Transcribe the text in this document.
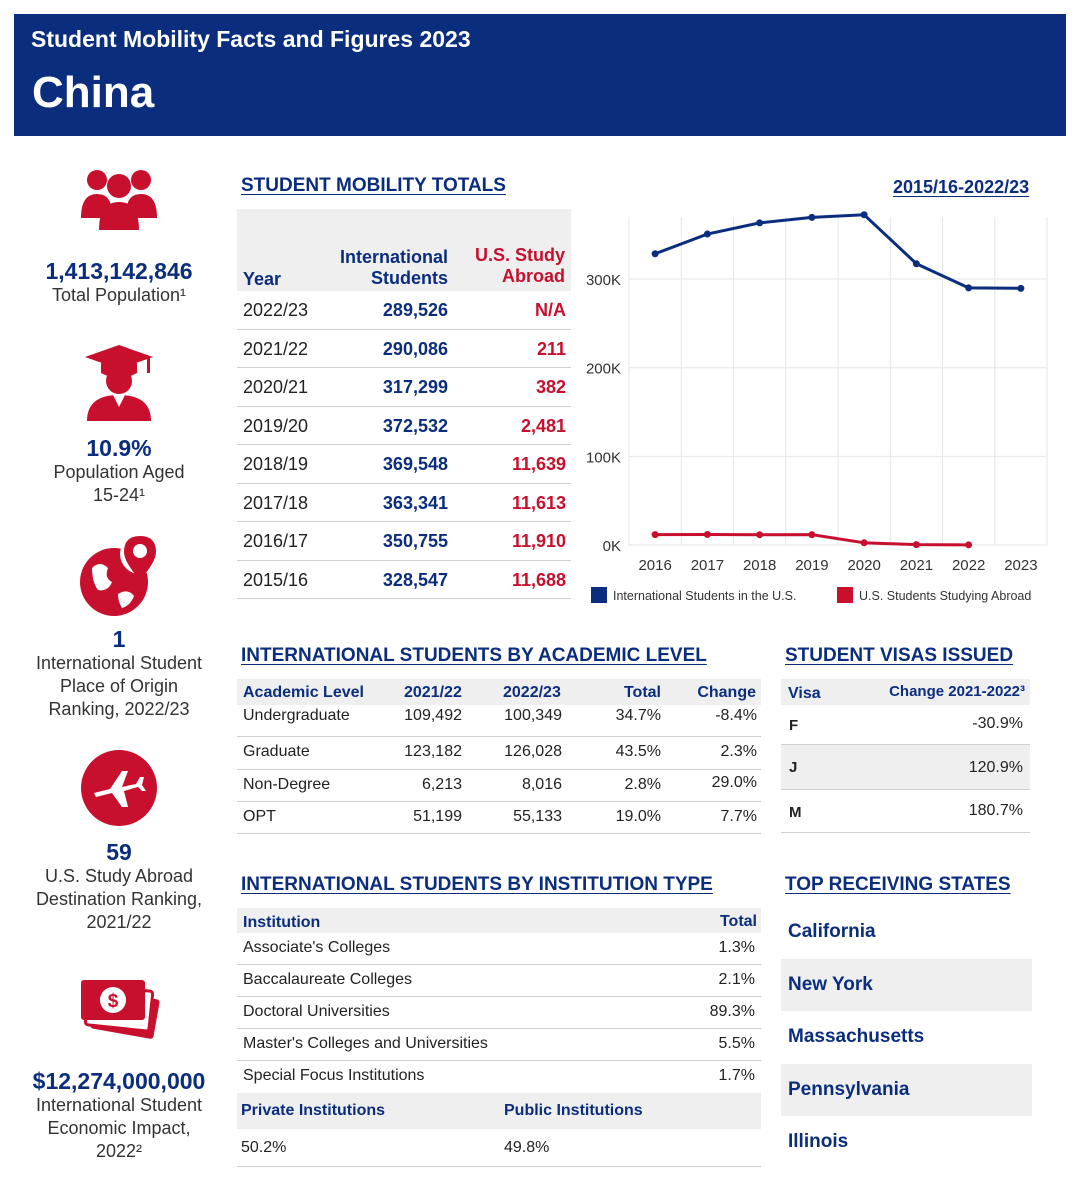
Student Mobility Facts and Figures 2023
China
1,413,142,846
Total Population¹
10.9%
Population Aged 15-24¹
1
International Student Place of Origin Ranking, 2022/23
59
U.S. Study Abroad Destination Ranking, 2021/22
$
$12,274,000,000
International Student Economic Impact, 2022²
STUDENT MOBILITY TOTALS	2015/16-2022/23
Year
International
Students
U.S. Study
Abroad
2022/23	289,526	N/A
2021/22	290,086	211
2020/21	317,299	382
2019/20	372,532	2,481
2018/19	369,548	11,639
2017/18	363,341	11,613
2016/17	350,755	11,910
2015/16	328,547	11,688
0K
100K
200K
300K
2016 2017 2018 2019 2020 2021 2022 2023
International Students in the U.S.	U.S. Students Studying Abroad
INTERNATIONAL STUDENTS BY ACADEMIC LEVEL
Academic Level	2021/22	2022/23	Total Change
Undergraduate	109,492	100,349	34.7%	-8.4%
Graduate	123,182	126,028	43.5%	2.3%
Non-Degree	6,213	8,016	2.8%	29.0%
OPT	51,199	55,133	19.0%	7.7%
STUDENT VISAS ISSUED
Visa	Change 2021-2022³
F	-30.9%
J	120.9%
M	180.7%
INTERNATIONAL STUDENTS BY INSTITUTION TYPE
Institution	Total
Associate's Colleges	1.3%
Baccalaureate Colleges	2.1%
Doctoral Universities	89.3%
Master's Colleges and Universities	5.5%
Special Focus Institutions	1.7%
Private Institutions	Public Institutions
50.2%	49.8%
TOP RECEIVING STATES
California
New York
Massachusetts
Pennsylvania
Illinois
